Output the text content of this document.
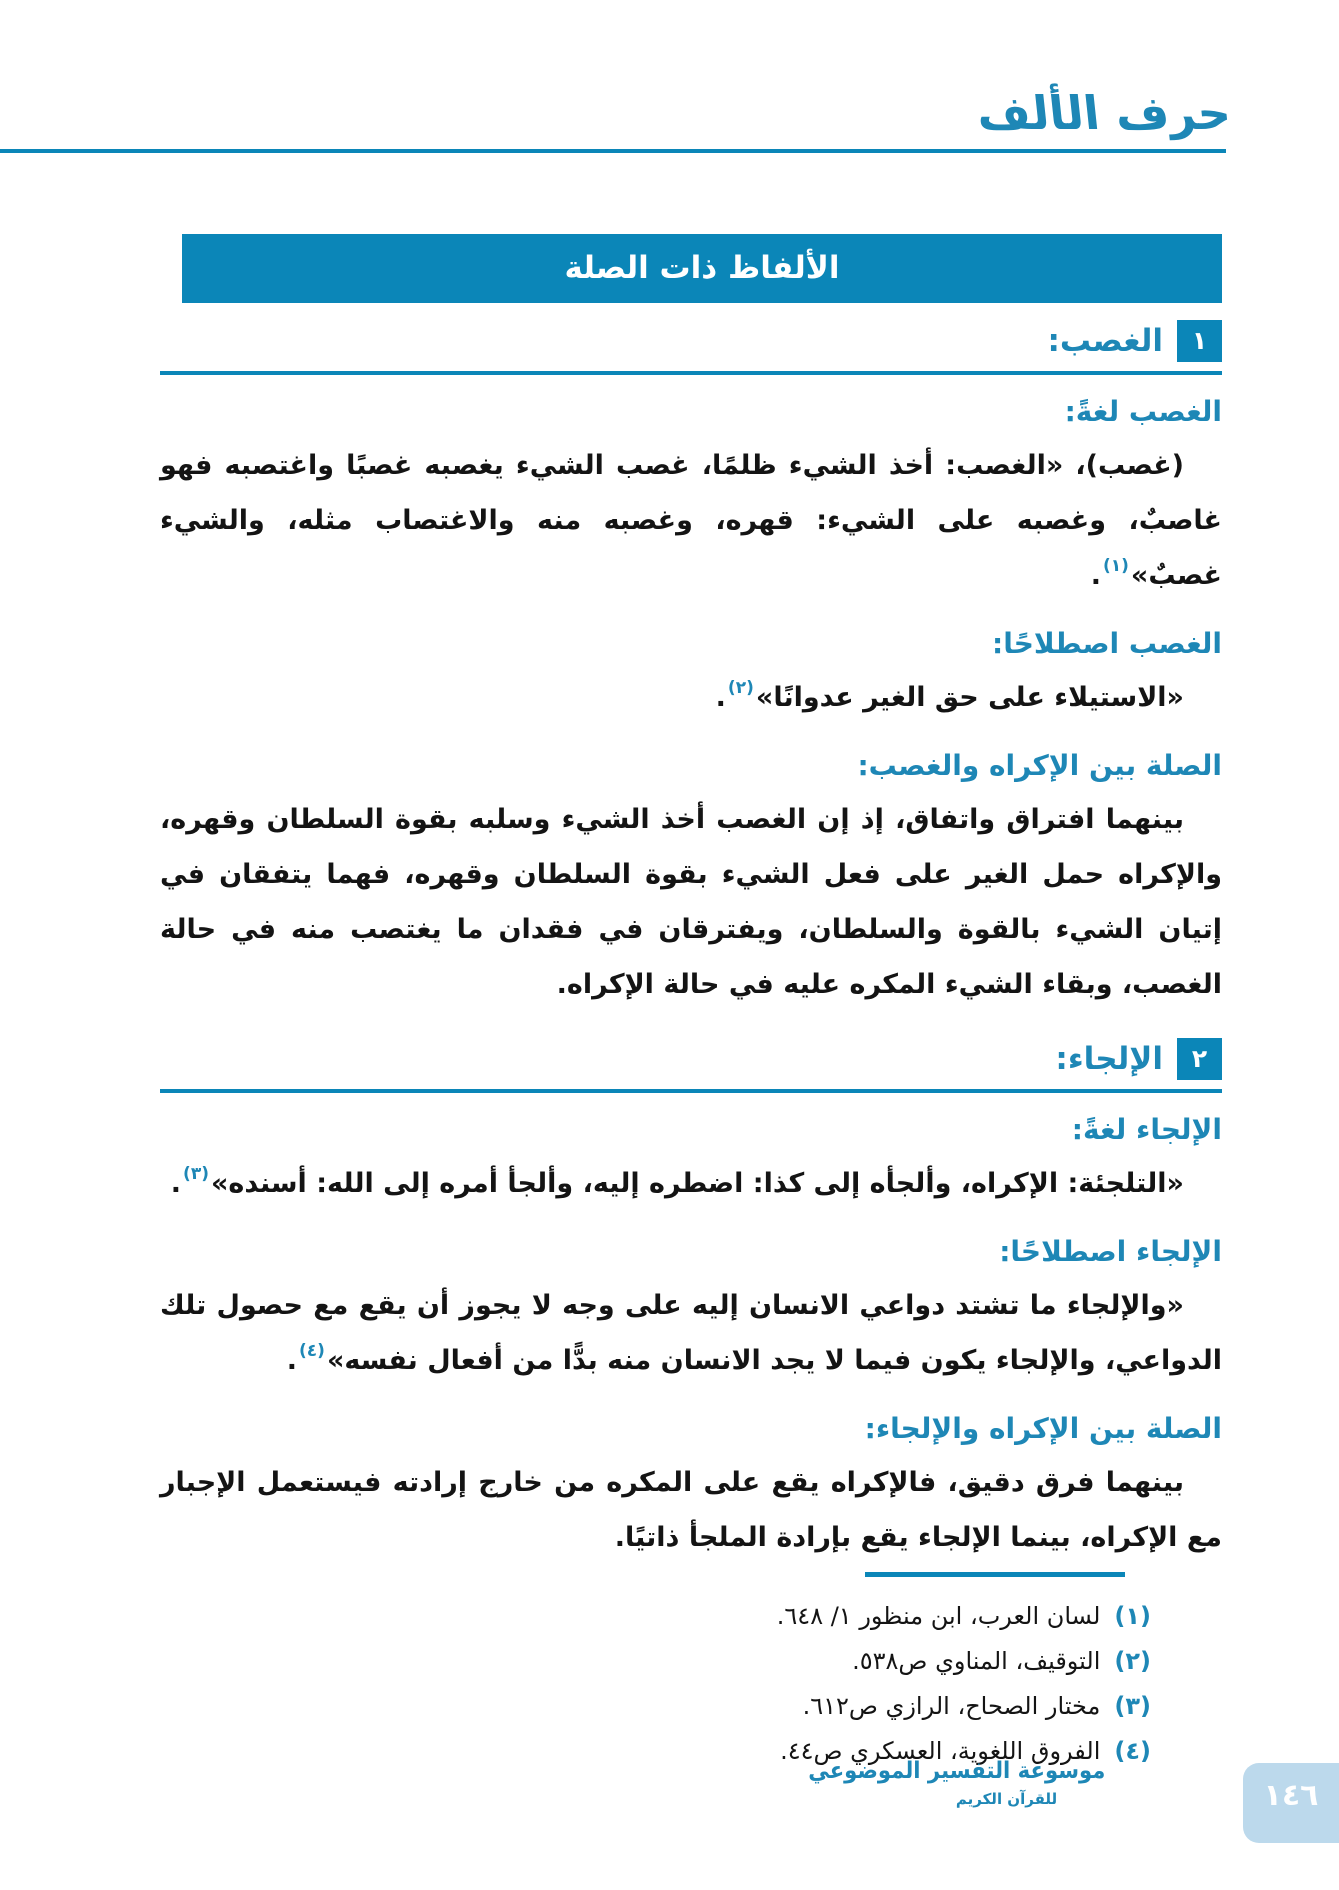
حرف الألف
الألفاظ ذات الصلة
١
الغصب:
الغصب لغةً:

(غصب)، «الغصب: أخذ الشيء ظلمًا، غصب الشيء يغصبه غصبًا واغتصبه فهو غاصبٌ، وغصبه على الشيء: قهره، وغصبه منه والاغتصاب مثله، والشيء غصبٌ»$^{(١)}$.

الغصب اصطلاحًا:

«الاستيلاء على حق الغير عدوانًا»$^{(٢)}$.

الصلة بين الإكراه والغصب:

بينهما افتراق واتفاق، إذ إن الغصب أخذ الشيء وسلبه بقوة السلطان وقهره، والإكراه حمل الغير على فعل الشيء بقوة السلطان وقهره، فهما يتفقان في إتيان الشيء بالقوة والسلطان، ويفترقان في فقدان ما يغتصب منه في حالة الغصب، وبقاء الشيء المكره عليه في حالة الإكراه.

٢
الإلجاء:
الإلجاء لغةً:

«التلجئة: الإكراه، وألجأه إلى كذا: اضطره إليه، وألجأ أمره إلى الله: أسنده»$^{(٣)}$.

الإلجاء اصطلاحًا:

«والإلجاء ما تشتد دواعي الانسان إليه على وجه لا يجوز أن يقع مع حصول تلك الدواعي، والإلجاء يكون فيما لا يجد الانسان منه بدًّا من أفعال نفسه»$^{(٤)}$.

الصلة بين الإكراه والإلجاء:

بينهما فرق دقيق، فالإكراه يقع على المكره من خارج إرادته فيستعمل الإجبار مع الإكراه، بينما الإلجاء يقع بإرادة الملجأ ذاتيًا.

(١)لسان العرب، ابن منظور ١/ ٦٤٨.
(٢)التوقيف، المناوي ص٥٣٨.
(٣)مختار الصحاح، الرازي ص٦١٢.
(٤)الفروق اللغوية، العسكري ص٤٤.
موسوعة التفسير الموضوعي
للقرآن الكريم	١٤٦
